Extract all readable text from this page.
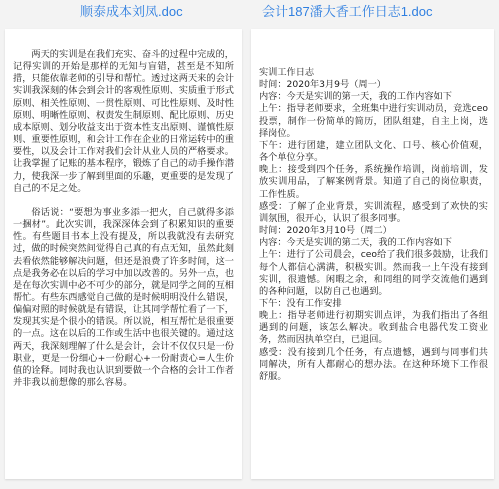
顺泰成本刘凤.doc	会计187潘大香工作日志1.doc

两天的实训是在我们充实、奋斗的过程中完成的，记得实训的开始是那样的无知与盲错，甚至是不知所措，只能依靠老师的引导和帮忙。透过这两天来的会计实训我深刻的体会到会计的客观性原则、实质重于形式原则、相关性原则、一贯性原则、可比性原则、及时性原则、明晰性原则、权责发生制原则、配比原则、历史成本原则、划分收益支出于资本性支出原则、谨慎性原则、重要性原则，和会计工作在企业的日常运转中的重要性，以及会计工作对我们会计从业人员的严格要求。让我掌握了记账的基本程序，锻炼了自己的动手操作潜力，使我深一步了解到里面的乐趣，更重要的是发现了自己的不足之处。

俗话说：“要想为事业多添一把火，自己就得多添一捆材”。此次实训，我深深体会到了积累知识的重要性。有些题目书本上没有提及，所以我就没有去研究过，做的时候突然间觉得自己真的有点无知，虽然此刻去看依然能够解决问题，但还是浪费了许多时间，这一点是我务必在以后的学习中加以改善的。另外一点，也是在每次实训中必不可少的部分，就是同学之间的互相帮忙。有些东西感觉自己做的是时候明明没什么错误，偏偏对照的时候就是有错误，让其同学帮忙看了一下，发现其实是个很小的错误。所以说，相互帮忙是很重要的一点。这在以后的工作或生活中也很关键的。通过这两天，我深刻理解了什么是会计，会计不仅仅只是一份职业，更是一份细心+一份耐心+一份耐责心=人生价值的诠释。同时我也认识到要做一个合格的会计工作者并非我以前想像的那么容易。

实训工作日志

时间：2020年3月9号（周一）

内容：今天是实训的第一天，我的工作内容如下

上午：指导老师要求，全班集中进行实训动员，竞选ceo投票，制作一份简单的简历，团队组建，自主上岗，选择岗位。

下午：进行团建，建立团队文化、口号、核心价值观，各个单位分享。

晚上：接受到四个任务，系统操作培训，岗前培训，发放实训用品，了解案例背景。知道了自己的岗位职责，工作性质。

感受：了解了企业背景，实训流程，感受到了欢快的实训氛围，很开心，认识了很多同事。

时间：2020年3月10号（周二）

内容：今天是实训的第二天，我的工作内容如下

上午：进行了公司晨会，ceo给了我们很多鼓励，让我们每个人都信心满满，积极实训。然而我一上午没有接到实训，很遗憾。闲暇之余，和同组的同学交流他们遇到的各种问题，以防自己也遇到。

下午：没有工作安排

晚上：指导老师进行初期实训点评，为我们指出了各组遇到的问题，该怎么解决。收到盐合电器代发工资业务，然而因执单空白，已退回。

感受：没有接到几个任务，有点遗憾，遇到与同事们共同解决，所有人都耐心的想办法。在这种环境下工作很舒服。
